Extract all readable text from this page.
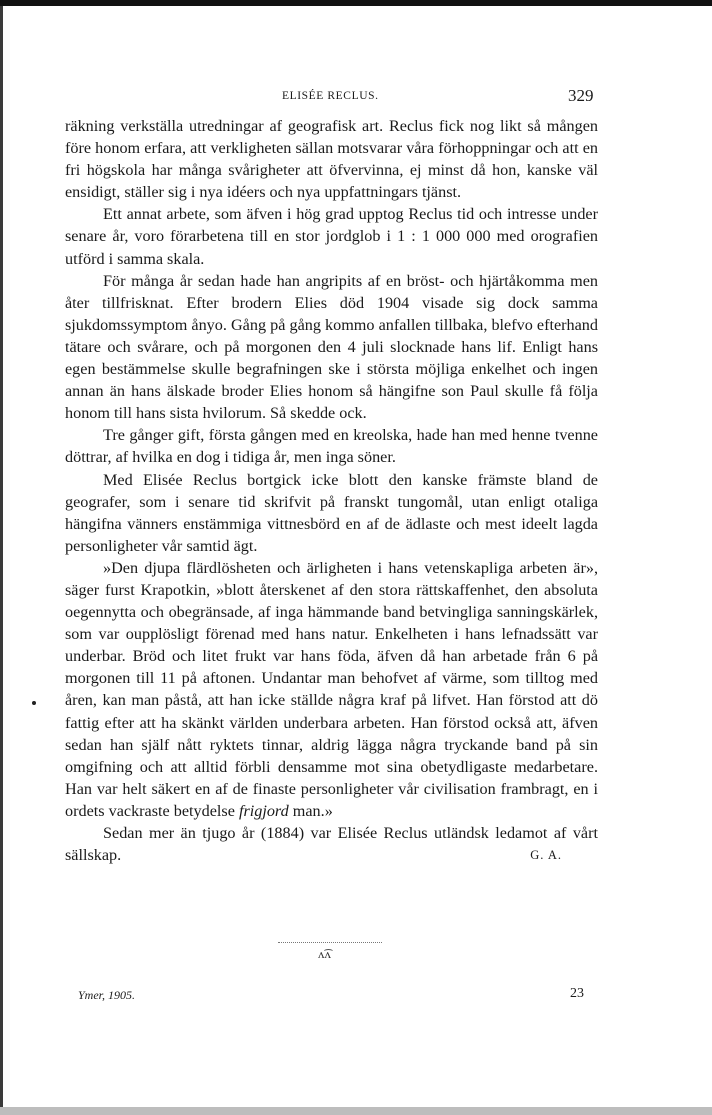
ELISÉE RECLUS.	329

räkning verkställa utredningar af geografisk art. Reclus fick nog likt så mången före honom erfara, att verkligheten sällan motsvarar våra förhoppningar och att en fri högskola har många svårigheter att öfvervinna, ej minst då hon, kanske väl ensidigt, ställer sig i nya idéers och nya uppfattningars tjänst.

Ett annat arbete, som äfven i hög grad upptog Reclus tid och intresse under senare år, voro förarbetena till en stor jordglob i 1 : 1 000 000 med orografien utförd i samma skala.

För många år sedan hade han angripits af en bröst- och hjärtåkomma men åter tillfrisknat. Efter brodern Elies död 1904 visade sig dock samma sjukdomssymptom ånyo. Gång på gång kommo anfallen tillbaka, blefvo efterhand tätare och svårare, och på morgonen den 4 juli slocknade hans lif. Enligt hans egen bestämmelse skulle begrafningen ske i största möjliga enkelhet och ingen annan än hans älskade broder Elies honom så hängifne son Paul skulle få följa honom till hans sista hvilorum. Så skedde ock.

Tre gånger gift, första gången med en kreolska, hade han med henne tvenne döttrar, af hvilka en dog i tidiga år, men inga söner.

Med Elisée Reclus bortgick icke blott den kanske främste bland de geografer, som i senare tid skrifvit på franskt tungomål, utan enligt otaliga hängifna vänners enstämmiga vittnesbörd en af de ädlaste och mest ideelt lagda personligheter vår samtid ägt.

»Den djupa flärdlösheten och ärligheten i hans vetenskapliga arbeten är», säger furst Krapotkin, »blott återskenet af den stora rättskaffenhet, den absoluta oegennytta och obegränsade, af inga hämmande band betvingliga sanningskärlek, som var oupplösligt förenad med hans natur. Enkelheten i hans lefnadssätt var underbar. Bröd och litet frukt var hans föda, äfven då han arbetade från 6 på morgonen till 11 på aftonen. Undantar man behofvet af värme, som tilltog med åren, kan man påstå, att han icke ställde några kraf på lifvet. Han förstod att dö fattig efter att ha skänkt världen underbara arbeten. Han förstod också att, äfven sedan han själf nått ryktets tinnar, aldrig lägga några tryckande band på sin omgifning och att alltid förbli densamme mot sina obetydligaste medarbetare. Han var helt säkert en af de finaste personligheter vår civilisation frambragt, en i ordets vackraste betydelse frigjord man.»

Sedan mer än tjugo år (1884) var Elisée Reclus utländsk ledamot af vårt sällskap.	G. A.

ʌ͡ʌ
Ymer, 1905.	23
